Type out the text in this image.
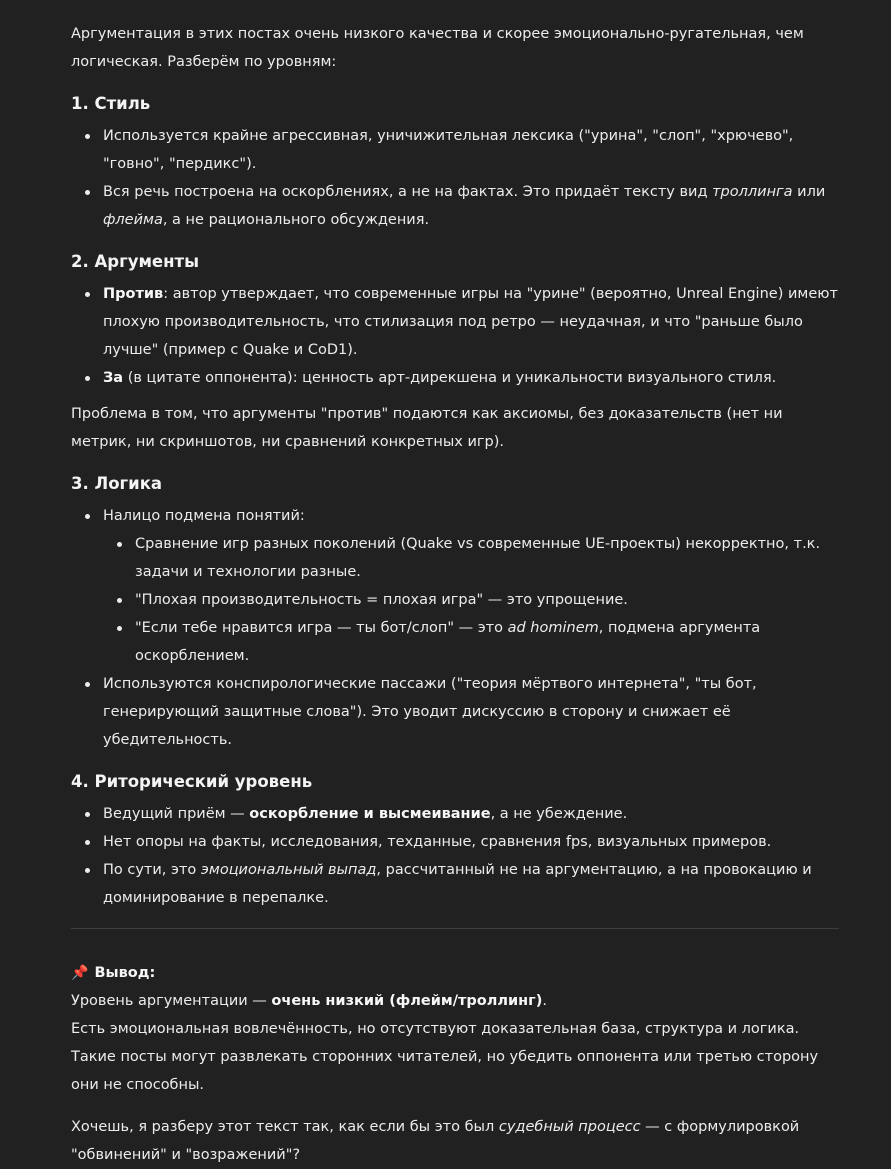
Аргументация в этих постах очень низкого качества и скорее эмоционально-ругательная, чем логическая. Разберём по уровням:

1. Стиль
Используется крайне агрессивная, уничижительная лексика ("урина", "слоп", "хрючево", "говно", "пердикс").
Вся речь построена на оскорблениях, а не на фактах. Это придаёт тексту вид троллинга или флейма, а не рационального обсуждения.
2. Аргументы
Против: автор утверждает, что современные игры на "урине" (вероятно, Unreal Engine) имеют плохую производительность, что стилизация под ретро — неудачная, и что "раньше было лучше" (пример с Quake и CoD1).
За (в цитате оппонента): ценность арт-дирекшена и уникальности визуального стиля.

Проблема в том, что аргументы "против" подаются как аксиомы, без доказательств (нет ни метрик, ни скриншотов, ни сравнений конкретных игр).

3. Логика
Налицо подмена понятий:
Сравнение игр разных поколений (Quake vs современные UE-проекты) некорректно, т.к. задачи и технологии разные.
"Плохая производительность = плохая игра" — это упрощение.
"Если тебе нравится игра — ты бот/слоп" — это ad hominem, подмена аргумента оскорблением.
Используются конспирологические пассажи ("теория мёртвого интернета", "ты бот, генерирующий защитные слова"). Это уводит дискуссию в сторону и снижает её убедительность.
4. Риторический уровень
Ведущий приём — оскорбление и высмеивание, а не убеждение.
Нет опоры на факты, исследования, техданные, сравнения fps, визуальных примеров.
По сути, это эмоциональный выпад, рассчитанный не на аргументацию, а на провокацию и доминирование в перепалке.

📌 Вывод:

Уровень аргументации — очень низкий (флейм/троллинг).

Есть эмоциональная вовлечённость, но отсутствуют доказательная база, структура и логика. Такие посты могут развлекать сторонних читателей, но убедить оппонента или третью сторону они не способны.

Хочешь, я разберу этот текст так, как если бы это был судебный процесс — с формулировкой "обвинений" и "возражений"?
